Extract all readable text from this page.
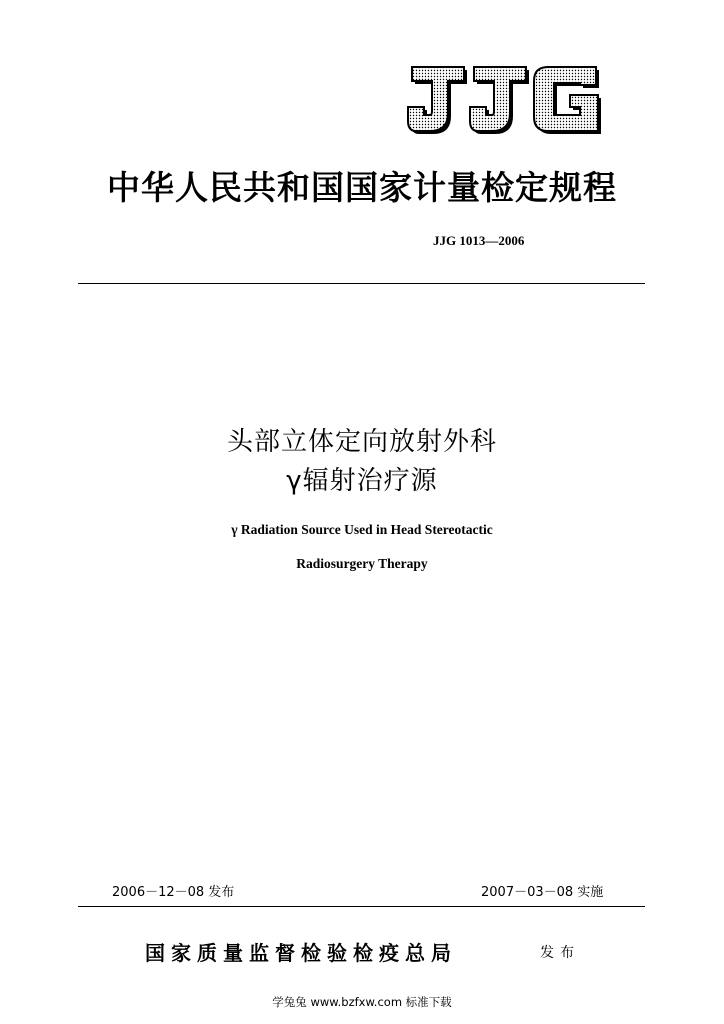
中华人民共和国国家计量检定规程
JJG 1013—2006
头部立体定向放射外科
γ辐射治疗源
γ Radiation Source Used in Head Stereotactic
Radiosurgery Therapy
2006－12－08 发布	2007－03－08 实施
国家质量监督检验检疫总局	发布
学兔兔 www.bzfxw.com 标准下载
